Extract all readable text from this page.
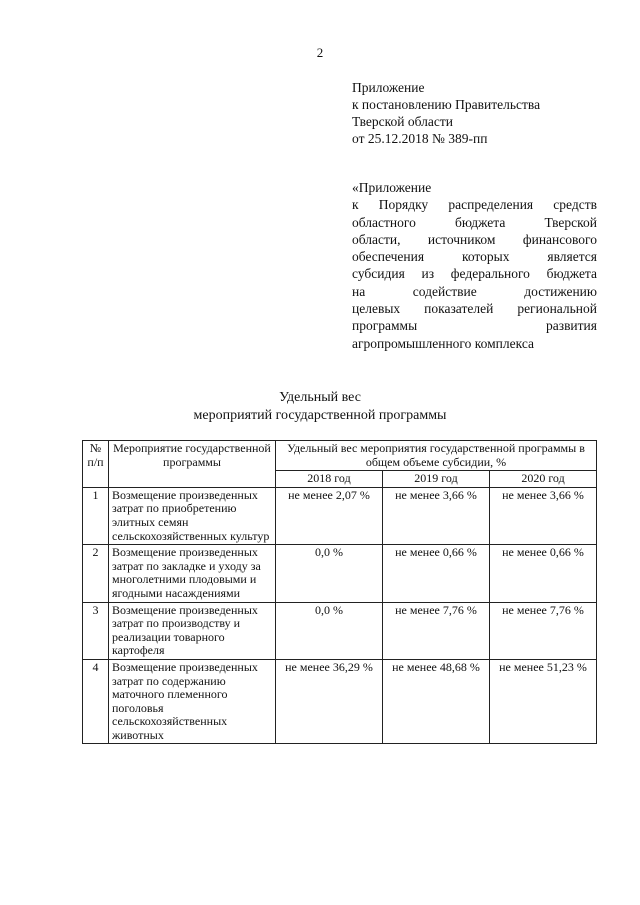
2
Приложение
к постановлению Правительства
Тверской области
от 25.12.2018 № 389-пп
«Приложение
к Порядку распределения средств
областного бюджета Тверской
области, источником финансового
обеспечения которых является
субсидия из федерального бюджета
на содействие достижению
целевых показателей региональной
программы развития
агропромышленного комплекса
Удельный вес
мероприятий государственной программы
№ п/п	Мероприятие государственной программы	Удельный вес мероприятия государственной программы в общем объеме субсидии, %		
		2018 год	2019 год	2020 год
1	Возмещение произведенных затрат по приобретению элитных семян сельскохозяйственных культур	не менее 2,07 %	не менее 3,66 %	не менее 3,66 %
2	Возмещение произведенных затрат по закладке и уходу за многолетними плодовыми и ягодными насаждениями	0,0 %	не менее 0,66 %	не менее 0,66 %
3	Возмещение произведенных затрат по производству и реализации товарного картофеля	0,0 %	не менее 7,76 %	не менее 7,76 %
4	Возмещение произведенных затрат по содержанию маточного племенного поголовья сельскохозяйственных животных	не менее 36,29 %	не менее 48,68 %	не менее 51,23 %
